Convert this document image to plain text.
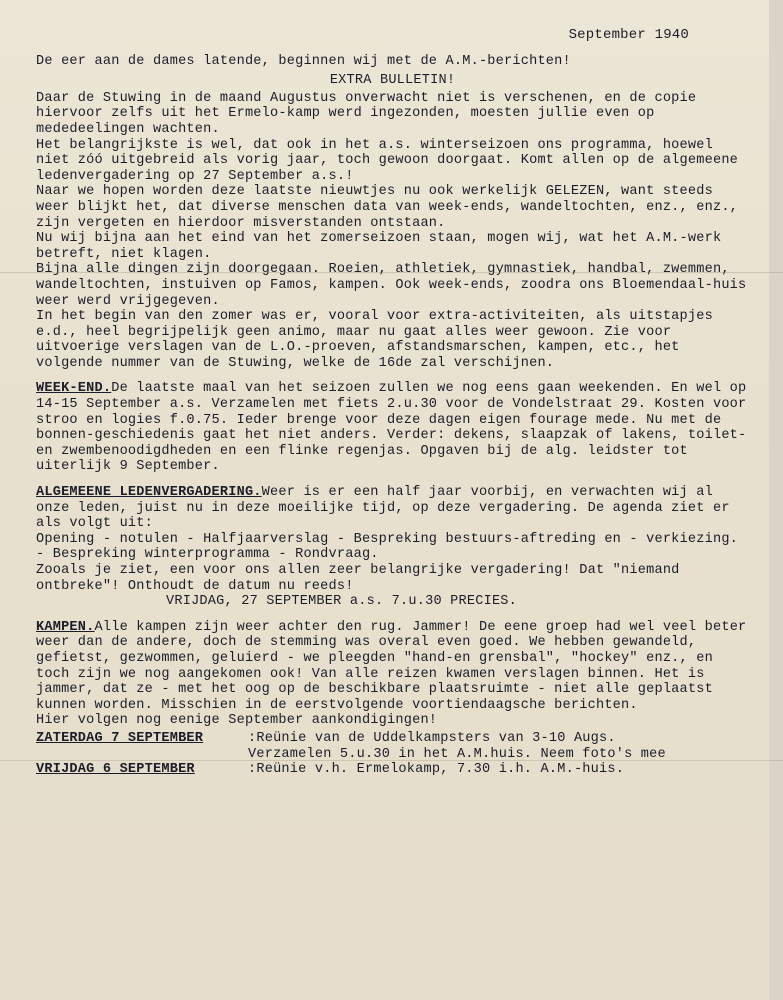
September 1940

De eer aan de dames latende, beginnen wij met de A.M.-berichten!

EXTRA BULLETIN!

Daar de Stuwing in de maand Augustus onverwacht niet is verschenen, en de copie hiervoor zelfs uit het Ermelo-kamp werd ingezonden, moesten jullie even op mededeelingen wachten.

Het belangrijkste is wel, dat ook in het a.s. winterseizoen ons programma, hoewel niet zóó uitgebreid als vorig jaar, toch gewoon doorgaat. Komt allen op de algemeene ledenvergadering op 27 September a.s.!

Naar we hopen worden deze laatste nieuwtjes nu ook werkelijk GELEZEN, want steeds weer blijkt het, dat diverse menschen data van week-ends, wandeltochten, enz., enz., zijn vergeten en hierdoor misverstanden ontstaan.

Nu wij bijna aan het eind van het zomerseizoen staan, mogen wij, wat het A.M.-werk betreft, niet klagen.

Bijna alle dingen zijn doorgegaan. Roeien, athletiek, gymnastiek, handbal, zwemmen, wandeltochten, instuiven op Famos, kampen. Ook week-ends, zoodra ons Bloemendaal-huis weer werd vrijgegeven.

In het begin van den zomer was er, vooral voor extra-activiteiten, als uitstapjes e.d., heel begrijpelijk geen animo, maar nu gaat alles weer gewoon. Zie voor uitvoerige verslagen van de L.O.-proeven, afstandsmarschen, kampen, etc., het volgende nummer van de Stuwing, welke de 16de zal verschijnen.

WEEK-END.De laatste maal van het seizoen zullen we nog eens gaan weekenden. En wel op 14-15 September a.s. Verzamelen met fiets 2.u.30 voor de Vondelstraat 29. Kosten voor stroo en logies f.0.75. Ieder brenge voor deze dagen eigen fourage mede. Nu met de bonnen-geschiedenis gaat het niet anders. Verder: dekens, slaapzak of lakens, toilet- en zwembenoodigdheden en een flinke regenjas. Opgaven bij de alg. leidster tot uiterlijk 9 September.

ALGEMEENE LEDENVERGADERING.Weer is er een half jaar voorbij, en verwachten wij al onze leden, juist nu in deze moeilijke tijd, op deze vergadering. De agenda ziet er als volgt uit:

Opening - notulen - Halfjaarverslag - Bespreking bestuurs-aftreding en - verkiezing. - Bespreking winterprogramma - Rondvraag.

Zooals je ziet, een voor ons allen zeer belangrijke vergadering! Dat "niemand ontbreke"! Onthoudt de datum nu reeds!

VRIJDAG, 27 SEPTEMBER a.s. 7.u.30 PRECIES.

KAMPEN.Alle kampen zijn weer achter den rug. Jammer! De eene groep had wel veel beter weer dan de andere, doch de stemming was overal even goed. We hebben gewandeld, gefietst, gezwommen, geluierd - we pleegden "hand-en grensbal", "hockey" enz., en toch zijn we nog aangekomen ook! Van alle reizen kwamen verslagen binnen. Het is jammer, dat ze - met het oog op de beschikbare plaatsruimte - niet alle geplaatst kunnen worden. Misschien in de eerstvolgende voortiendaagsche berichten.

Hier volgen nog eenige September aankondigingen!

ZATERDAG 7 SEPTEMBER	:Reünie van de Uddelkampsters van 3-10 Augs.
Verzamelen 5.u.30 in het A.M.huis. Neem foto's mee
VRIJDAG 6 SEPTEMBER	:Reünie v.h. Ermelokamp, 7.30 i.h. A.M.-huis.
